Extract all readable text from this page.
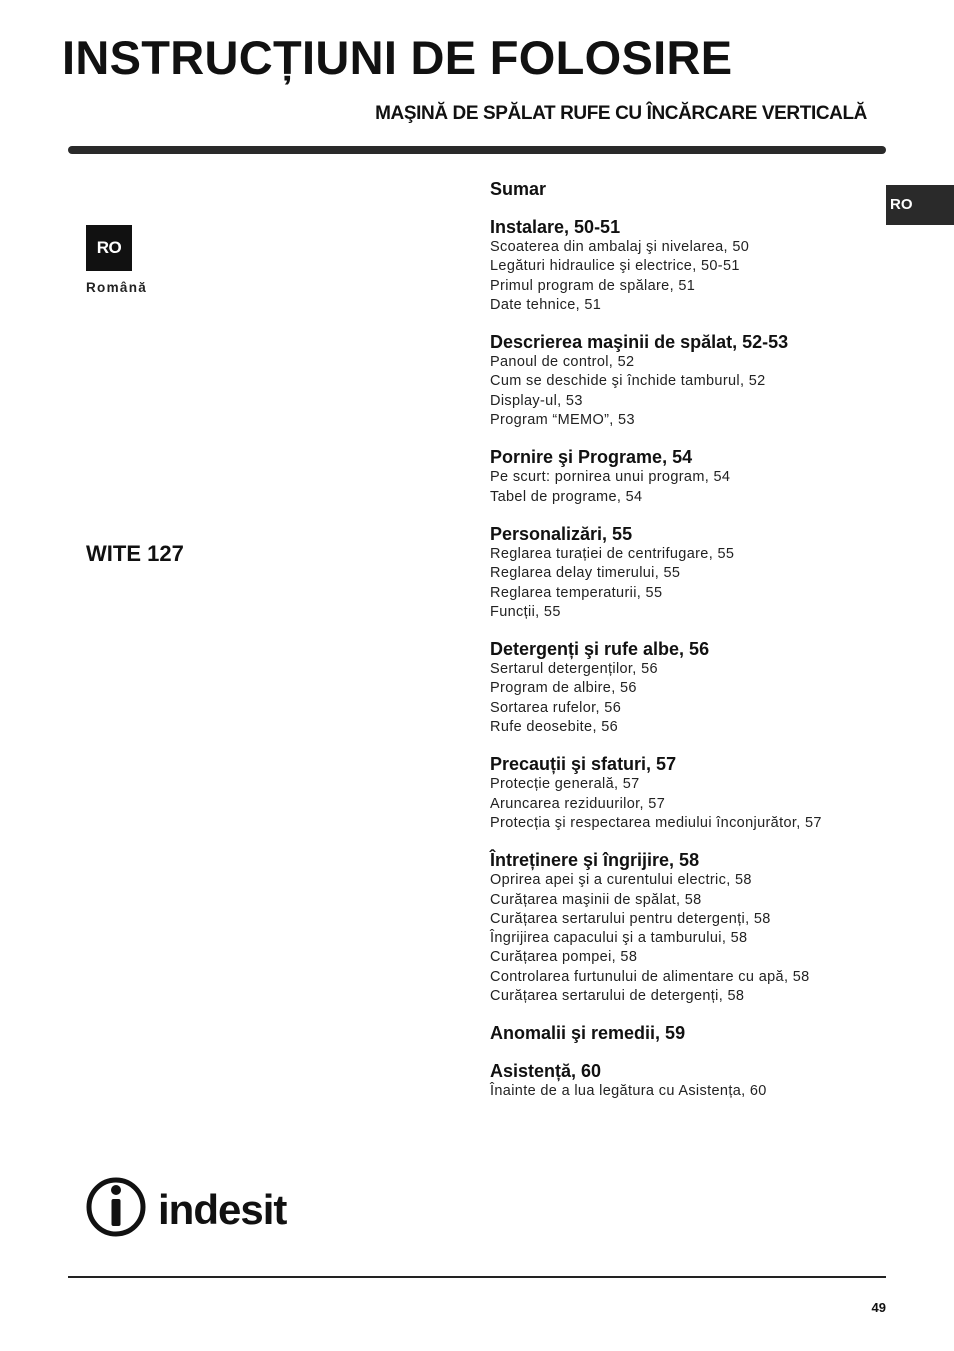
INSTRUCȚIUNI DE FOLOSIRE
MAŞINĂ DE SPĂLAT RUFE CU ÎNCĂRCARE VERTICALĂ
RO
RO
Română
WITE 127
Sumar
Instalare, 50-51
Scoaterea din ambalaj şi nivelarea, 50
Legături hidraulice şi electrice, 50-51
Primul program de spălare, 51
Date tehnice, 51
Descrierea maşinii de spălat, 52-53
Panoul de control, 52
Cum se deschide şi închide tamburul, 52
Display-ul, 53
Program “MEMO”, 53
Pornire şi Programe, 54
Pe scurt: pornirea unui program, 54
Tabel de programe, 54
Personalizări, 55
Reglarea turației de centrifugare, 55
Reglarea delay timerului, 55
Reglarea temperaturii, 55
Funcții, 55
Detergenți şi rufe albe, 56
Sertarul detergenților, 56
Program de albire, 56
Sortarea rufelor, 56
Rufe deosebite, 56
Precauții şi sfaturi, 57
Protecție generală, 57
Aruncarea reziduurilor, 57
Protecția şi respectarea mediului înconjurător, 57
Întreținere şi îngrijire, 58
Oprirea apei şi a curentului electric, 58
Curățarea maşinii de spălat, 58
Curățarea sertarului pentru detergenți, 58
Îngrijirea capacului şi a tamburului, 58
Curățarea pompei, 58
Controlarea furtunului de alimentare cu apă, 58
Curățarea sertarului de detergenți, 58
Anomalii şi remedii, 59
Asistență, 60
Înainte de a lua legătura cu Asistența, 60
indesit
49
